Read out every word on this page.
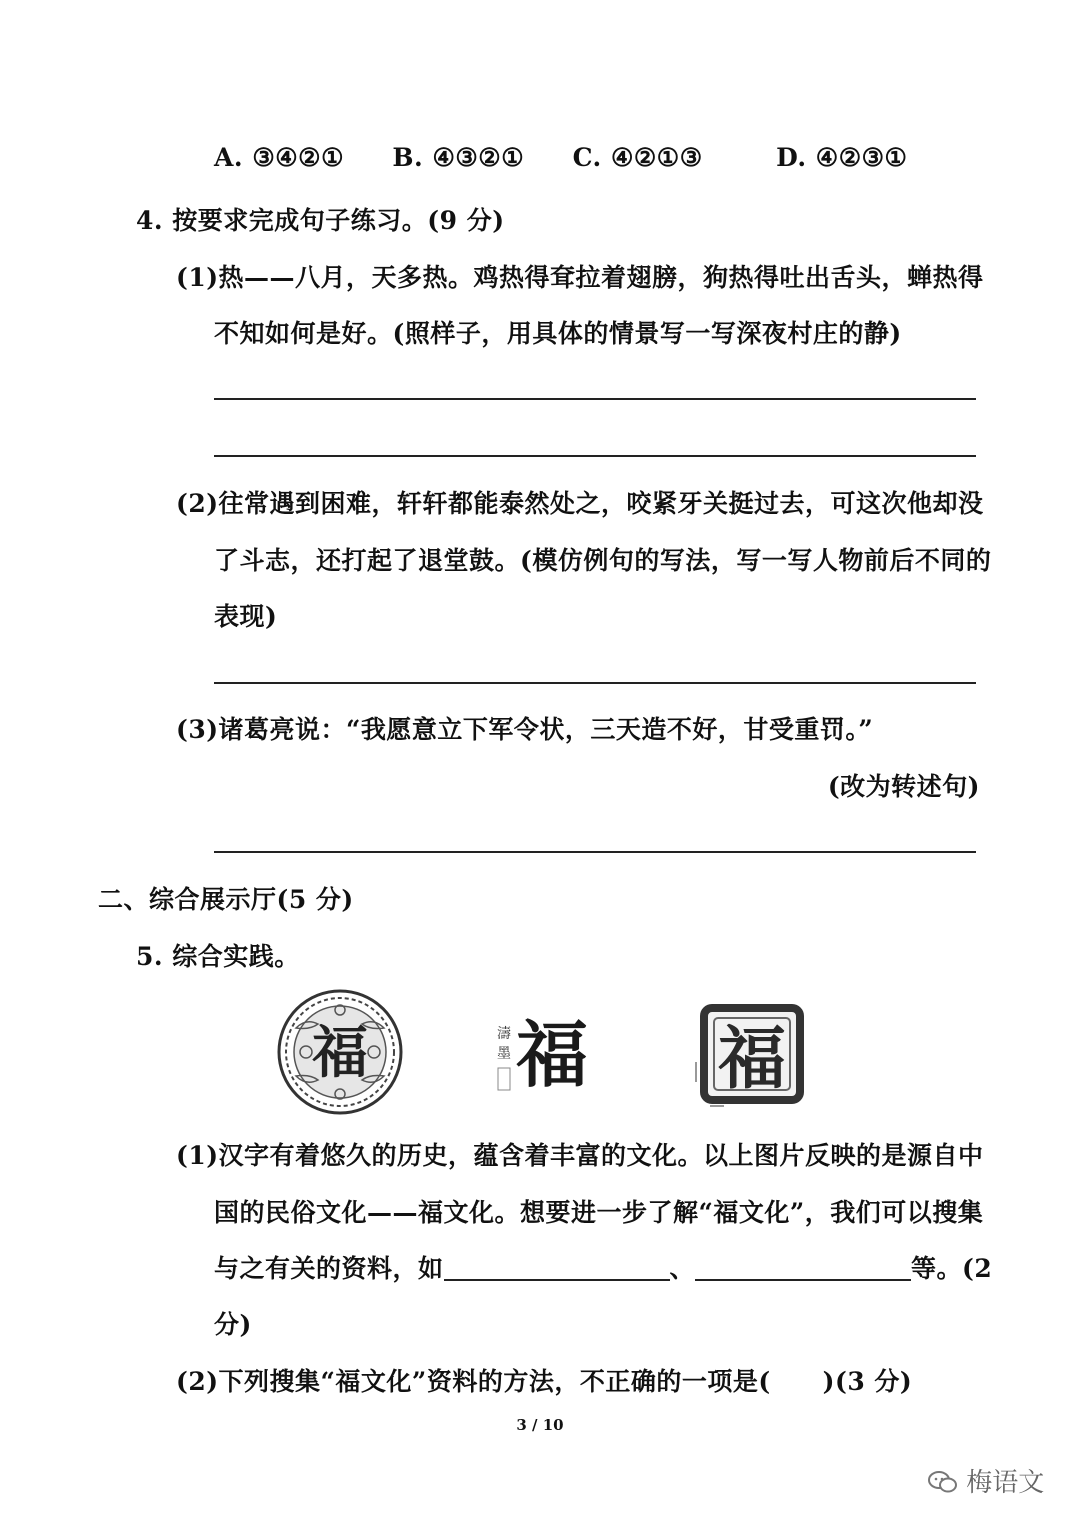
A. ③④②① B. ④③②① C. ④②①③	D. ④②③①
4. 按要求完成句子练习。(9 分)
(1)热——八月，天多热。鸡热得耷拉着翅膀，狗热得吐出舌头，蝉热得
不知如何是好。(照样子，用具体的情景写一写深夜村庄的静)
(2)往常遇到困难，轩轩都能泰然处之，咬紧牙关挺过去，可这次他却没
了斗志，还打起了退堂鼓。(模仿例句的写法，写一写人物前后不同的
表现)
(3)诸葛亮说：“我愿意立下军令状，三天造不好，甘受重罚。”
(改为转述句)
二、综合展示厅(5 分)
5. 综合实践。
福	濤
墨 福 福
(1)汉字有着悠久的历史，蕴含着丰富的文化。以上图片反映的是源自中
国的民俗文化——福文化。想要进一步了解“福文化”，我们可以搜集
与之有关的资料，如	、	等。(2
分)
(2)下列搜集“福文化”资料的方法，不正确的一项是( )(3 分)
3 / 10
梅语文
